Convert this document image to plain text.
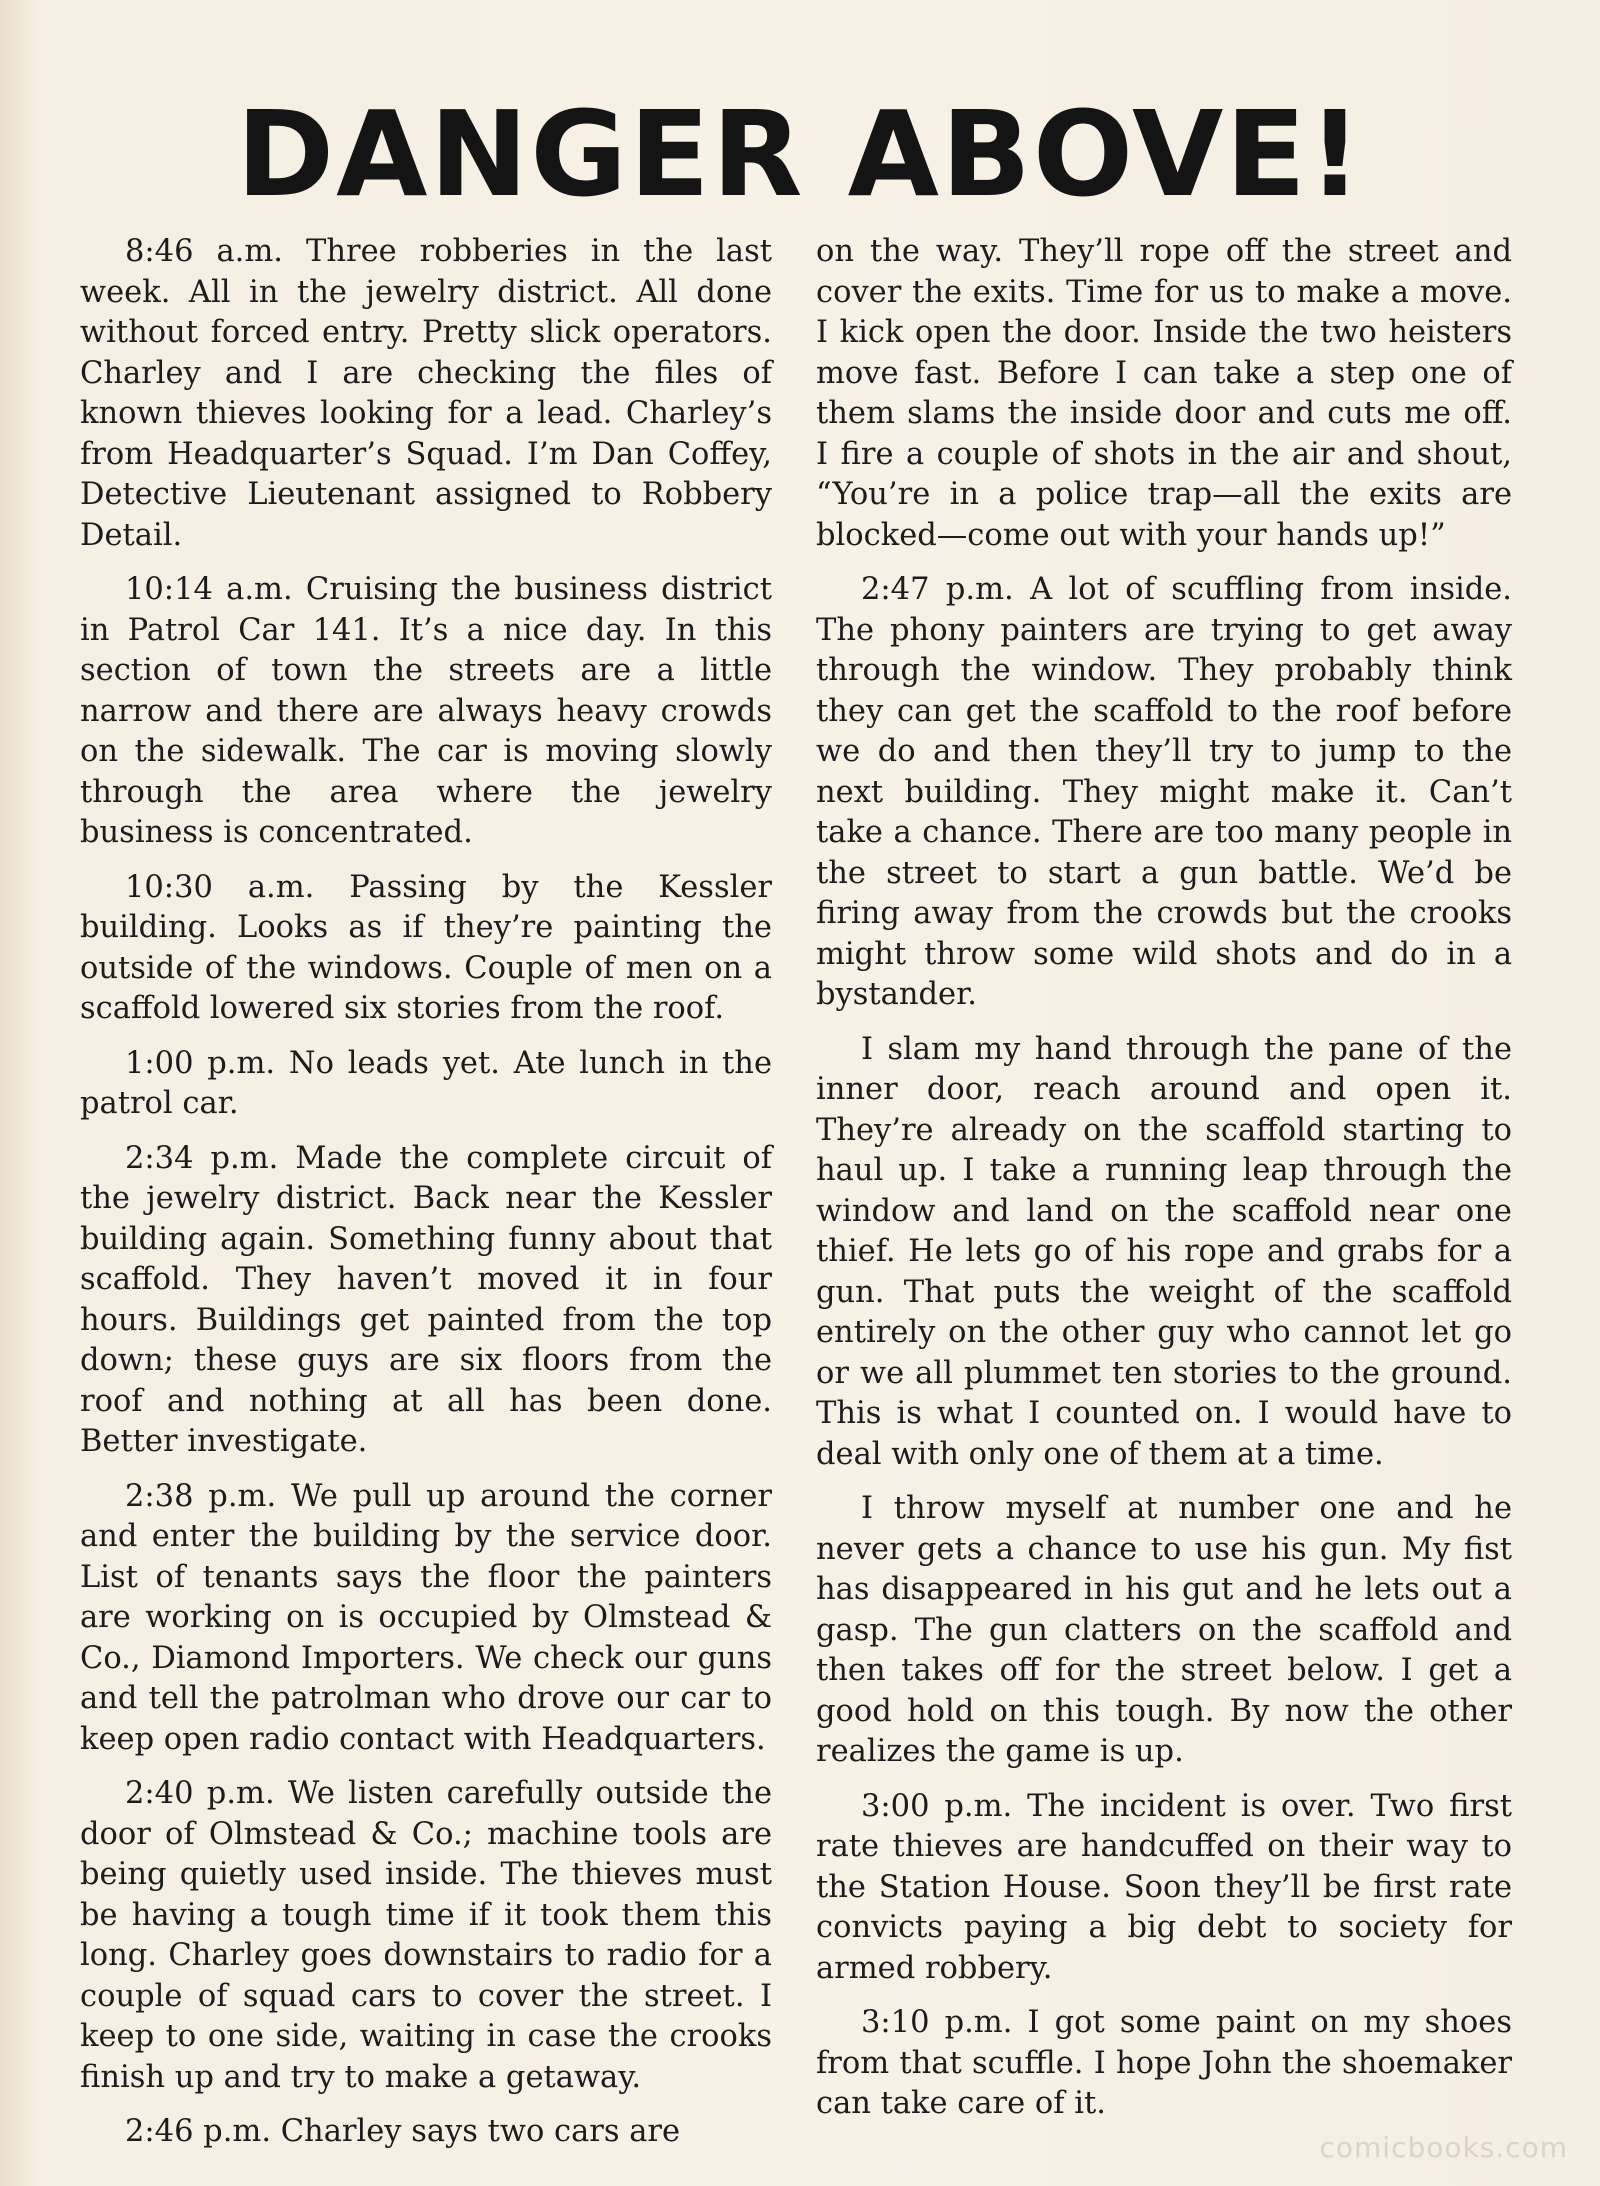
DANGER ABOVE!

8:46 a.m. Three robberies in the last week. All in the jewelry district. All done without forced entry. Pretty slick operators. Charley and I are checking the files of known thieves looking for a lead. Charley’s from Headquarter’s Squad. I’m Dan Coffey, Detective Lieutenant assigned to Robbery Detail.

10:14 a.m. Cruising the business district in Patrol Car 141. It’s a nice day. In this section of town the streets are a little narrow and there are always heavy crowds on the sidewalk. The car is moving slowly through the area where the jewelry business is concentrated.

10:30 a.m. Passing by the Kessler building. Looks as if they’re painting the outside of the windows. Couple of men on a scaffold lowered six stories from the roof.

1:00 p.m. No leads yet. Ate lunch in the patrol car.

2:34 p.m. Made the complete circuit of the jewelry district. Back near the Kessler building again. Something funny about that scaffold. They haven’t moved it in four hours. Buildings get painted from the top down; these guys are six floors from the roof and nothing at all has been done. Better investigate.

2:38 p.m. We pull up around the corner and enter the building by the service door. List of tenants says the floor the painters are working on is occupied by Olmstead & Co., Diamond Importers. We check our guns and tell the patrolman who drove our car to keep open radio contact with Headquarters.

2:40 p.m. We listen carefully outside the door of Olmstead & Co.; machine tools are being quietly used inside. The thieves must be having a tough time if it took them this long. Charley goes downstairs to radio for a couple of squad cars to cover the street. I keep to one side, waiting in case the crooks finish up and try to make a getaway.

2:46 p.m. Charley says two cars are

on the way. They’ll rope off the street and cover the exits. Time for us to make a move. I kick open the door. Inside the two heisters move fast. Before I can take a step one of them slams the inside door and cuts me off. I fire a couple of shots in the air and shout, “You’re in a police trap—all the exits are blocked—come out with your hands up!”

2:47 p.m. A lot of scuffling from inside. The phony painters are trying to get away through the window. They probably think they can get the scaffold to the roof before we do and then they’ll try to jump to the next building. They might make it. Can’t take a chance. There are too many people in the street to start a gun battle. We’d be firing away from the crowds but the crooks might throw some wild shots and do in a bystander.

I slam my hand through the pane of the inner door, reach around and open it. They’re already on the scaffold starting to haul up. I take a running leap through the window and land on the scaffold near one thief. He lets go of his rope and grabs for a gun. That puts the weight of the scaffold entirely on the other guy who cannot let go or we all plummet ten stories to the ground. This is what I counted on. I would have to deal with only one of them at a time.

I throw myself at number one and he never gets a chance to use his gun. My fist has disappeared in his gut and he lets out a gasp. The gun clatters on the scaffold and then takes off for the street below. I get a good hold on this tough. By now the other realizes the game is up.

3:00 p.m. The incident is over. Two first rate thieves are handcuffed on their way to the Station House. Soon they’ll be first rate convicts paying a big debt to society for armed robbery.

3:10 p.m. I got some paint on my shoes from that scuffle. I hope John the shoemaker can take care of it.

comicbooks.com
